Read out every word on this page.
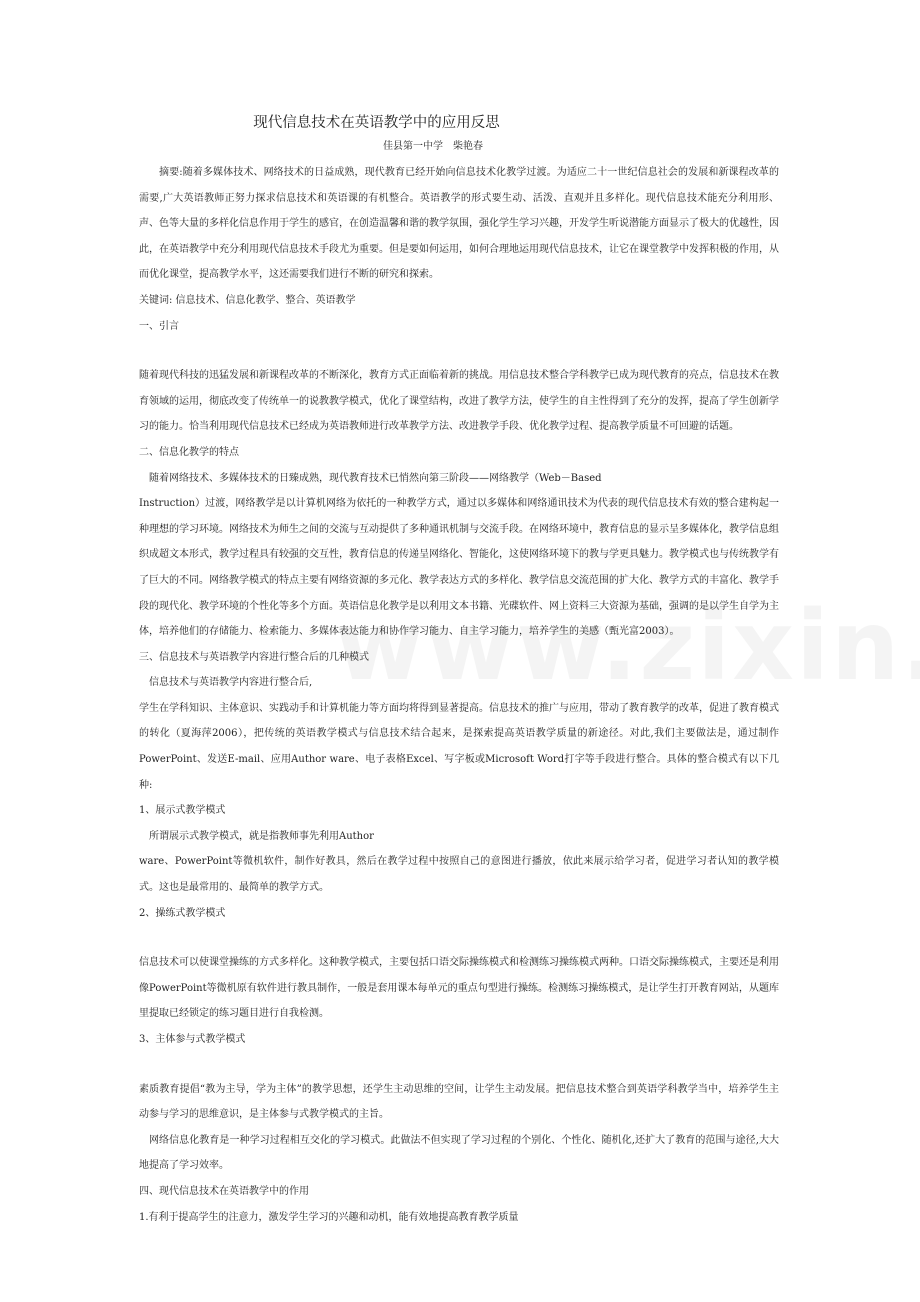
现代信息技术在英语教学中的应用反思

佳县第一中学　柴艳春

摘要:随着多媒体技术、网络技术的日益成熟，现代教育已经开始向信息技术化教学过渡。为适应二十一世纪信息社会的发展和新课程改革的需要,广大英语教师正努力探求信息技术和英语课的有机整合。英语教学的形式要生动、活泼、直观并且多样化。现代信息技术能充分利用形、声、色等大量的多样化信息作用于学生的感官，在创造温馨和谐的教学氛围，强化学生学习兴趣，开发学生听说潜能方面显示了极大的优越性，因此，在英语教学中充分利用现代信息技术手段尤为重要。但是要如何运用，如何合理地运用现代信息技术，让它在课堂教学中发挥积极的作用，从而优化课堂，提高教学水平，这还需要我们进行不断的研究和探索。

关键词: 信息技术、信息化教学、整合、英语教学

一、引言

随着现代科技的迅猛发展和新课程改革的不断深化，教育方式正面临着新的挑战。用信息技术整合学科教学已成为现代教育的亮点，信息技术在教育领域的运用，彻底改变了传统单一的说教教学模式，优化了课堂结构，改进了教学方法，使学生的自主性得到了充分的发挥，提高了学生创新学习的能力。恰当利用现代信息技术已经成为英语教师进行改革教学方法、改进教学手段、优化教学过程、提高教学质量不可回避的话题。

二、信息化教学的特点

随着网络技术、多媒体技术的日臻成熟，现代教育技术已悄然向第三阶段——网络教学（Web－Based

Instruction）过渡，网络教学是以计算机网络为依托的一种教学方式，通过以多媒体和网络通讯技术为代表的现代信息技术有效的整合建构起一种理想的学习环境。网络技术为师生之间的交流与互动提供了多种通讯机制与交流手段。在网络环境中，教育信息的显示呈多媒体化，教学信息组织成超文本形式，教学过程具有较强的交互性，教育信息的传递呈网络化、智能化，这使网络环境下的教与学更具魅力。教学模式也与传统教学有了巨大的不同。网络教学模式的特点主要有网络资源的多元化、教学表达方式的多样化、教学信息交流范围的扩大化、教学方式的丰富化、教学手段的现代化、教学环境的个性化等多个方面。英语信息化教学是以利用文本书籍、光碟软件、网上资料三大资源为基础，强调的是以学生自学为主体，培养他们的存储能力、检索能力、多媒体表达能力和协作学习能力、自主学习能力，培养学生的美感（甄光富2003）。

三、信息技术与英语教学内容进行整合后的几种模式

信息技术与英语教学内容进行整合后,

学生在学科知识、主体意识、实践动手和计算机能力等方面均将得到显著提高。信息技术的推广与应用，带动了教育教学的改革，促进了教育模式的转化（夏海萍2006），把传统的英语教学模式与信息技术结合起来，是探索提高英语教学质量的新途径。对此,我们主要做法是，通过制作PowerPoint、发送E-mail、应用Author ware、电子表格Excel、写字板或Microsoft Word打字等手段进行整合。具体的整合模式有以下几种:

1、展示式教学模式

所谓展示式教学模式，就是指教师事先利用Author

ware、PowerPoint等微机软件，制作好教具，然后在教学过程中按照自己的意图进行播放，依此来展示给学习者，促进学习者认知的教学模式。这也是最常用的、最简单的教学方式。

2、操练式教学模式

信息技术可以使课堂操练的方式多样化。这种教学模式，主要包括口语交际操练模式和检测练习操练模式两种。口语交际操练模式，主要还是利用像PowerPoint等微机原有软件进行教具制作，一般是套用课本每单元的重点句型进行操练。检测练习操练模式，是让学生打开教育网站，从题库里提取已经锁定的练习题目进行自我检测。

3、主体参与式教学模式

素质教育提倡“教为主导，学为主体”的教学思想，还学生主动思维的空间，让学生主动发展。把信息技术整合到英语学科教学当中，培养学生主动参与学习的思维意识，是主体参与式教学模式的主旨。

网络信息化教育是一种学习过程相互交化的学习模式。此做法不但实现了学习过程的个别化、个性化、随机化,还扩大了教育的范围与途径,大大地提高了学习效率。

四、现代信息技术在英语教学中的作用

1.有利于提高学生的注意力，激发学生学习的兴趣和动机，能有效地提高教育教学质量
